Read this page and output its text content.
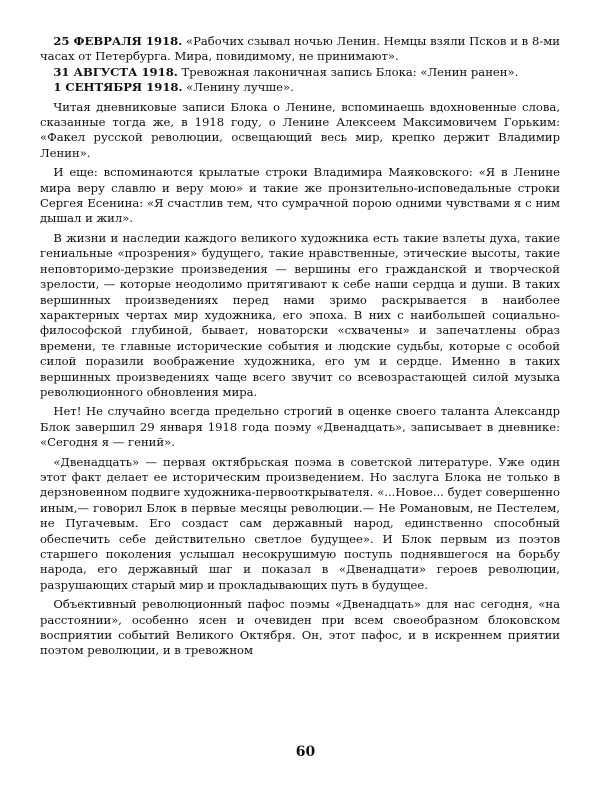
25 ФЕВРАЛЯ 1918. «Рабочих сзывал ночью Ленин. Немцы взяли Псков и в 8-ми часах от Петербурга. Мира, повидимому, не принимают».

31 АВГУСТА 1918. Тревожная лаконичная запись Блока: «Ленин ранен».

1 СЕНТЯБРЯ 1918. «Ленину лучше».

Читая дневниковые записи Блока о Ленине, вспоминаешь вдохновенные слова, сказанные тогда же, в 1918 году, о Ленине Алексеем Максимовичем Горьким: «Факел русской революции, освещающий весь мир, крепко держит Владимир Ленин».

И еще: вспоминаются крылатые строки Владимира Маяковского: «Я в Ленине мира веру славлю и веру мою» и такие же пронзительно-исповедальные строки Сергея Есенина: «Я счастлив тем, что сумрачной порою одними чувствами я с ним дышал и жил».

В жизни и наследии каждого великого художника есть такие взлеты духа, такие гениальные «прозрения» будущего, такие нравственные, этические высоты, такие неповторимо-дерзкие произведения — вершины его гражданской и творческой зрелости, — которые неодолимо притягивают к себе наши сердца и души. В таких вершинных произведениях перед нами зримо раскрывается в наиболее характерных чертах мир художника, его эпоха. В них с наибольшей социально-философской глубиной, бывает, новаторски «схвачены» и запечатлены образ времени, те главные исторические события и людские судьбы, которые с особой силой поразили воображение художника, его ум и сердце. Именно в таких вершинных произведениях чаще всего звучит со всевозрастающей силой музыка революционного обновления мира.

Нет! Не случайно всегда предельно строгий в оценке своего таланта Александр Блок завершил 29 января 1918 года поэму «Двенадцать», записывает в дневнике: «Сегодня я — гений».

«Двенадцать» — первая октябрьская поэма в советской литературе. Уже один этот факт делает ее историческим произведением. Но заслуга Блока не только в дерзновенном подвиге художника-первооткрывателя. «...Новое... будет совершенно иным,— говорил Блок в первые месяцы революции.— Не Романовым, не Пестелем, не Пугачевым. Его создаст сам державный народ, единственно способный обеспечить себе действительно светлое будущее». И Блок первым из поэтов старшего поколения услышал несокрушимую поступь поднявшегося на борьбу народа, его державный шаг и показал в «Двенадцати» героев революции, разрушающих старый мир и прокладывающих путь в будущее.

Объективный революционный пафос поэмы «Двенадцать» для нас сегодня, «на расстоянии», особенно ясен и очевиден при всем своеобразном блоковском восприятии событий Великого Октября. Он, этот пафос, и в искреннем приятии поэтом революции, и в тревожном

60
